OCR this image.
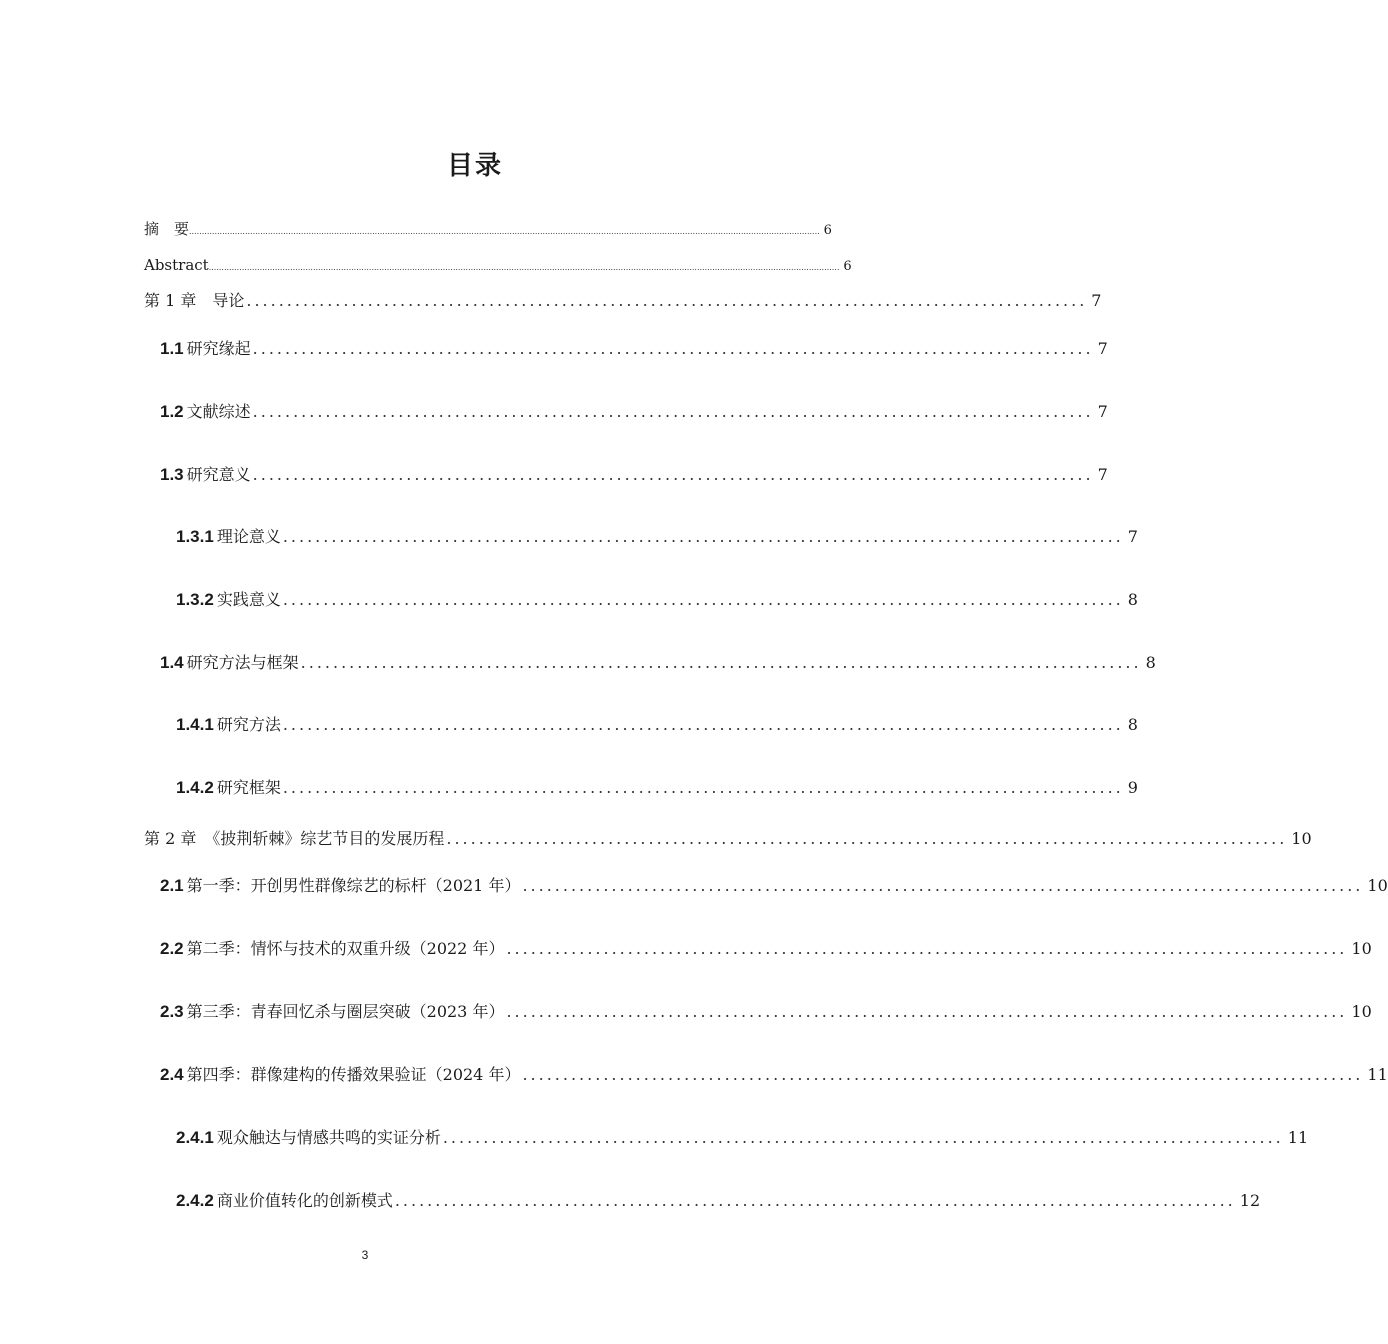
目录
摘　要 ........................................................................................................................................................................................................................................................ 6
Abstract ........................................................................................................................................................................................................................................................ 6
第 1 章　导论 ........................................................................................................ 7
1.1 研究缘起 ........................................................................................................ 7
1.2 文献综述 ........................................................................................................ 7
1.3 研究意义 ........................................................................................................ 7
1.3.1 理论意义 ........................................................................................................ 7
1.3.2 实践意义 ........................................................................................................ 8
1.4 研究方法与框架 ........................................................................................................ 8
1.4.1 研究方法 ........................................................................................................ 8
1.4.2 研究框架 ........................................................................................................ 9
第 2 章　《披荆斩棘》综艺节目的发展历程 ........................................................................................................ 10
2.1 第一季：开创男性群像综艺的标杆（2021 年） ........................................................................................................ 10
2.2 第二季：情怀与技术的双重升级（2022 年） ........................................................................................................ 10
2.3 第三季：青春回忆杀与圈层突破（2023 年） ........................................................................................................ 10
2.4 第四季：群像建构的传播效果验证（2024 年） ........................................................................................................ 11
2.4.1 观众触达与情感共鸣的实证分析 ........................................................................................................ 11
2.4.2 商业价值转化的创新模式 ........................................................................................................ 12
3
